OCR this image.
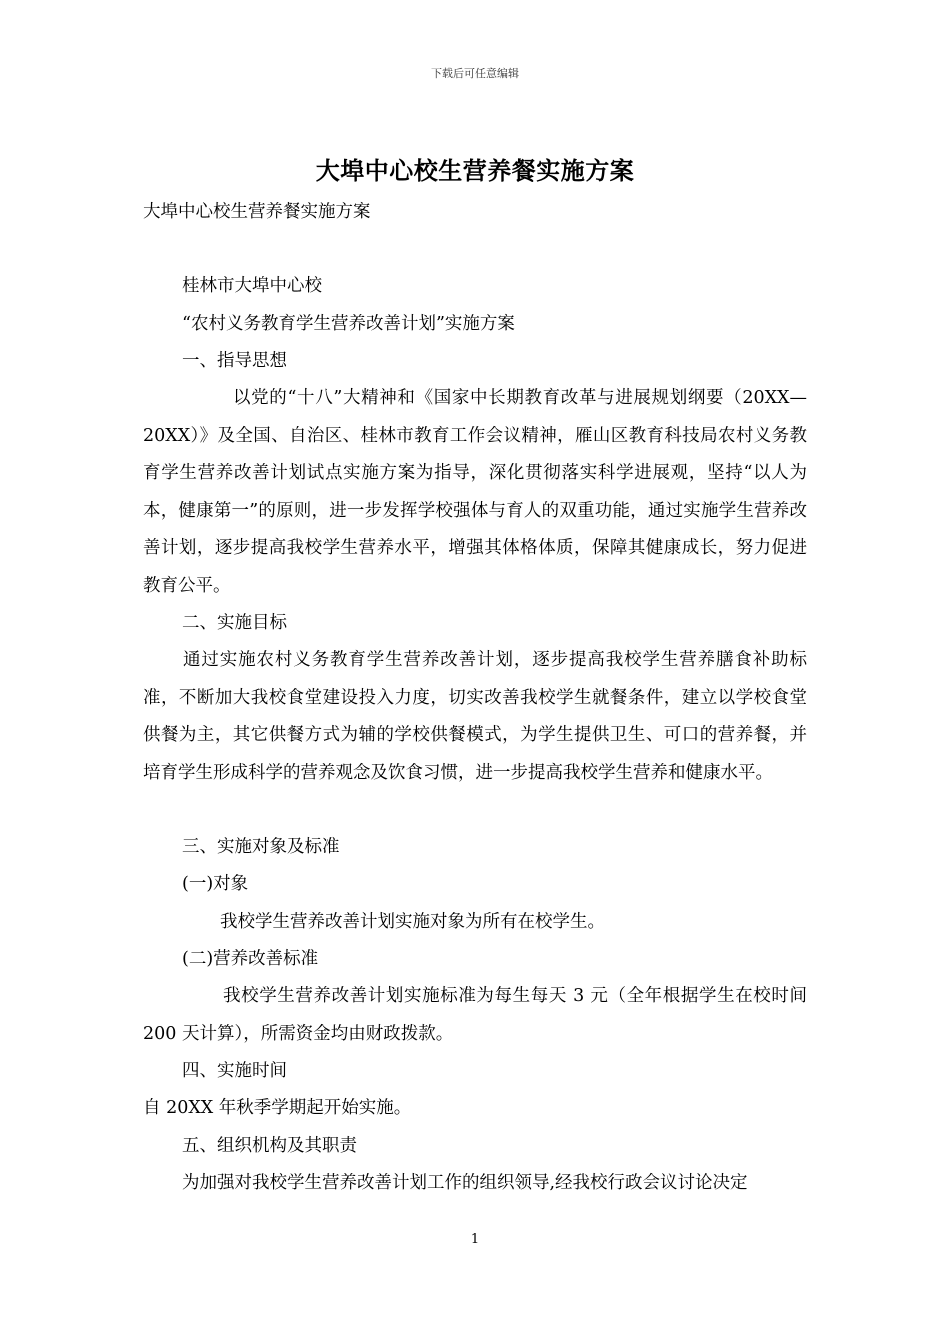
下载后可任意编辑
大埠中心校生营养餐实施方案
大埠中心校生营养餐实施方案
桂林市大埠中心校
“农村义务教育学生营养改善计划”实施方案
一、指导思想
以党的“十八”大精神和《国家中长期教育改革与进展规划纲要（20XX—20XX）》及全国、自治区、桂林市教育工作会议精神，雁山区教育科技局农村义务教育学生营养改善计划试点实施方案为指导，深化贯彻落实科学进展观，坚持“以人为本，健康第一”的原则，进一步发挥学校强体与育人的双重功能，通过实施学生营养改善计划，逐步提高我校学生营养水平，增强其体格体质，保障其健康成长，努力促进教育公平。
二、实施目标
通过实施农村义务教育学生营养改善计划，逐步提高我校学生营养膳食补助标准，不断加大我校食堂建设投入力度，切实改善我校学生就餐条件，建立以学校食堂供餐为主，其它供餐方式为辅的学校供餐模式，为学生提供卫生、可口的营养餐，并培育学生形成科学的营养观念及饮食习惯，进一步提高我校学生营养和健康水平。
三、实施对象及标准
(一)对象
我校学生营养改善计划实施对象为所有在校学生。
(二)营养改善标准
我校学生营养改善计划实施标准为每生每天 3 元（全年根据学生在校时间 200 天计算），所需资金均由财政拨款。
四、实施时间
自 20XX 年秋季学期起开始实施。
五、组织机构及其职责
为加强对我校学生营养改善计划工作的组织领导,经我校行政会议讨论决定
1
